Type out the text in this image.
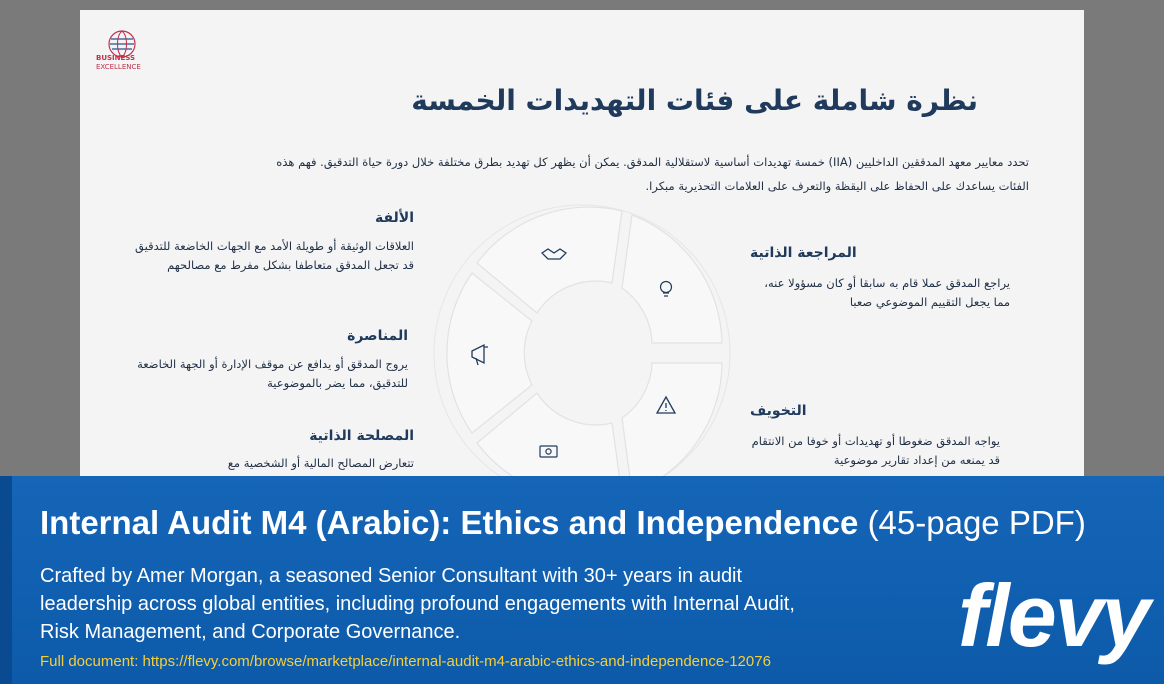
BUSINESS
EXCELLENCE
نظرة شاملة على فئات التهديدات الخمسة
تحدد معايير معهد المدققين الداخليين (IIA) خمسة تهديدات أساسية لاستقلالية المدقق. يمكن أن يظهر كل تهديد بطرق مختلفة خلال دورة حياة التدقيق. فهم هذه
الفئات يساعدك على الحفاظ على اليقظة والتعرف على العلامات التحذيرية مبكرا.
الألفة
العلاقات الوثيقة أو طويلة الأمد مع الجهات الخاضعة للتدقيق قد تجعل المدقق متعاطفا بشكل مفرط مع مصالحهم
المناصرة
يروج المدقق أو يدافع عن موقف الإدارة أو الجهة الخاضعة للتدقيق، مما يضر بالموضوعية
المصلحة الذاتية
تتعارض المصالح المالية أو الشخصية مع
المراجعة الذاتية
يراجع المدقق عملا قام به سابقا أو كان مسؤولا عنه، مما يجعل التقييم الموضوعي صعبا
التخويف
يواجه المدقق ضغوطا أو تهديدات أو خوفا من الانتقام قد يمنعه من إعداد تقارير موضوعية
Internal Audit M4 (Arabic): Ethics and Independence (45-page PDF)
Crafted by Amer Morgan, a seasoned Senior Consultant with 30+ years in audit leadership across global entities, including profound engagements with Internal Audit, Risk Management, and Corporate Governance.
Full document: https://flevy.com/browse/marketplace/internal-audit-m4-arabic-ethics-and-independence-12076 flevy
